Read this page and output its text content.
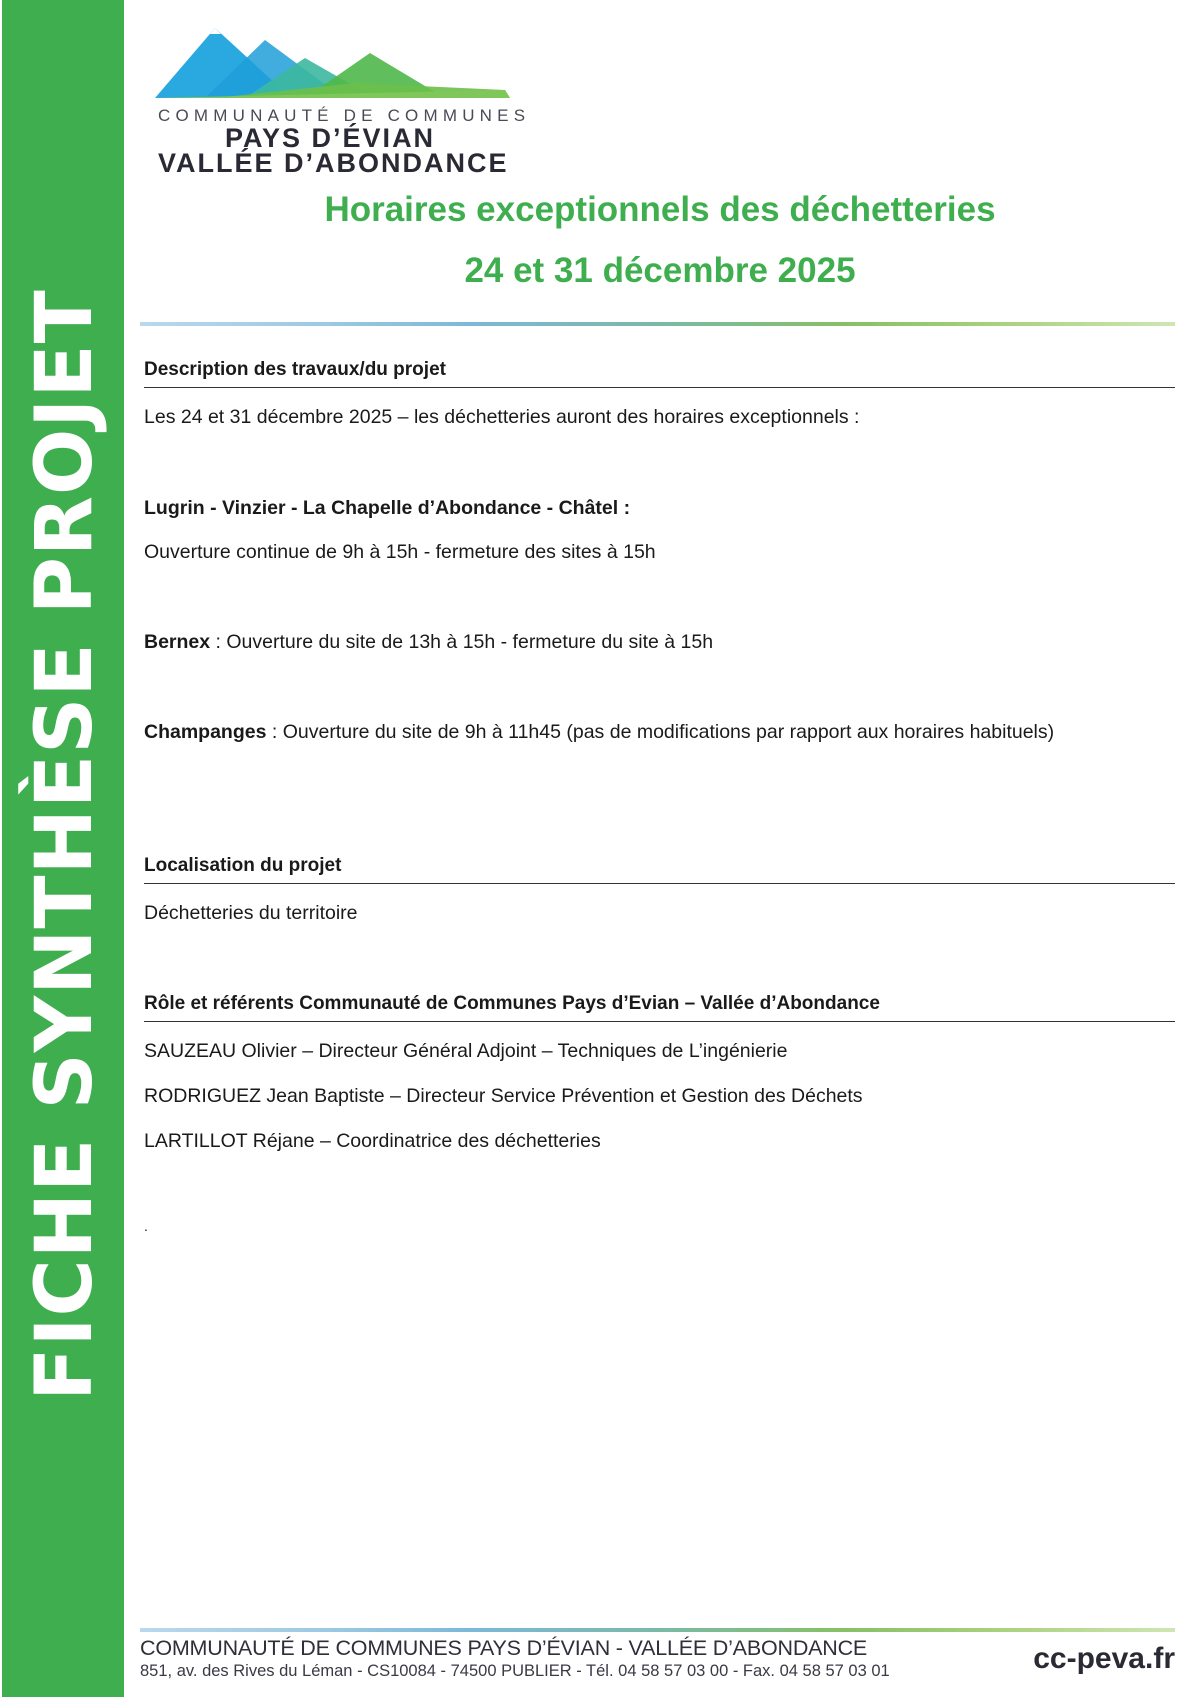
FICHE SYNTHÈSE PROJET
COMMUNAUTÉ DE COMMUNES
PAYS D’ÉVIAN
VALLÉE D’ABONDANCE
Horaires exceptionnels des déchetteries
24 et 31 décembre 2025
Description des travaux/du projet
Les 24 et 31 décembre 2025 – les déchetteries auront des horaires exceptionnels :
Lugrin - Vinzier - La Chapelle d’Abondance - Châtel :
Ouverture continue de 9h à 15h - fermeture des sites à 15h
Bernex : Ouverture du site de 13h à 15h - fermeture du site à 15h
Champanges : Ouverture du site de 9h à 11h45 (pas de modifications par rapport aux horaires habituels)
Localisation du projet
Déchetteries du territoire
Rôle et référents Communauté de Communes Pays d’Evian – Vallée d’Abondance
SAUZEAU Olivier – Directeur Général Adjoint – Techniques de L’ingénierie
RODRIGUEZ Jean Baptiste – Directeur Service Prévention et Gestion des Déchets
LARTILLOT Réjane – Coordinatrice des déchetteries
.
COMMUNAUTÉ DE COMMUNES PAYS D’ÉVIAN - VALLÉE D’ABONDANCE
851, av. des Rives du Léman - CS10084 - 74500 PUBLIER - Tél. 04 58 57 03 00 - Fax. 04 58 57 03 01	cc-peva.fr
